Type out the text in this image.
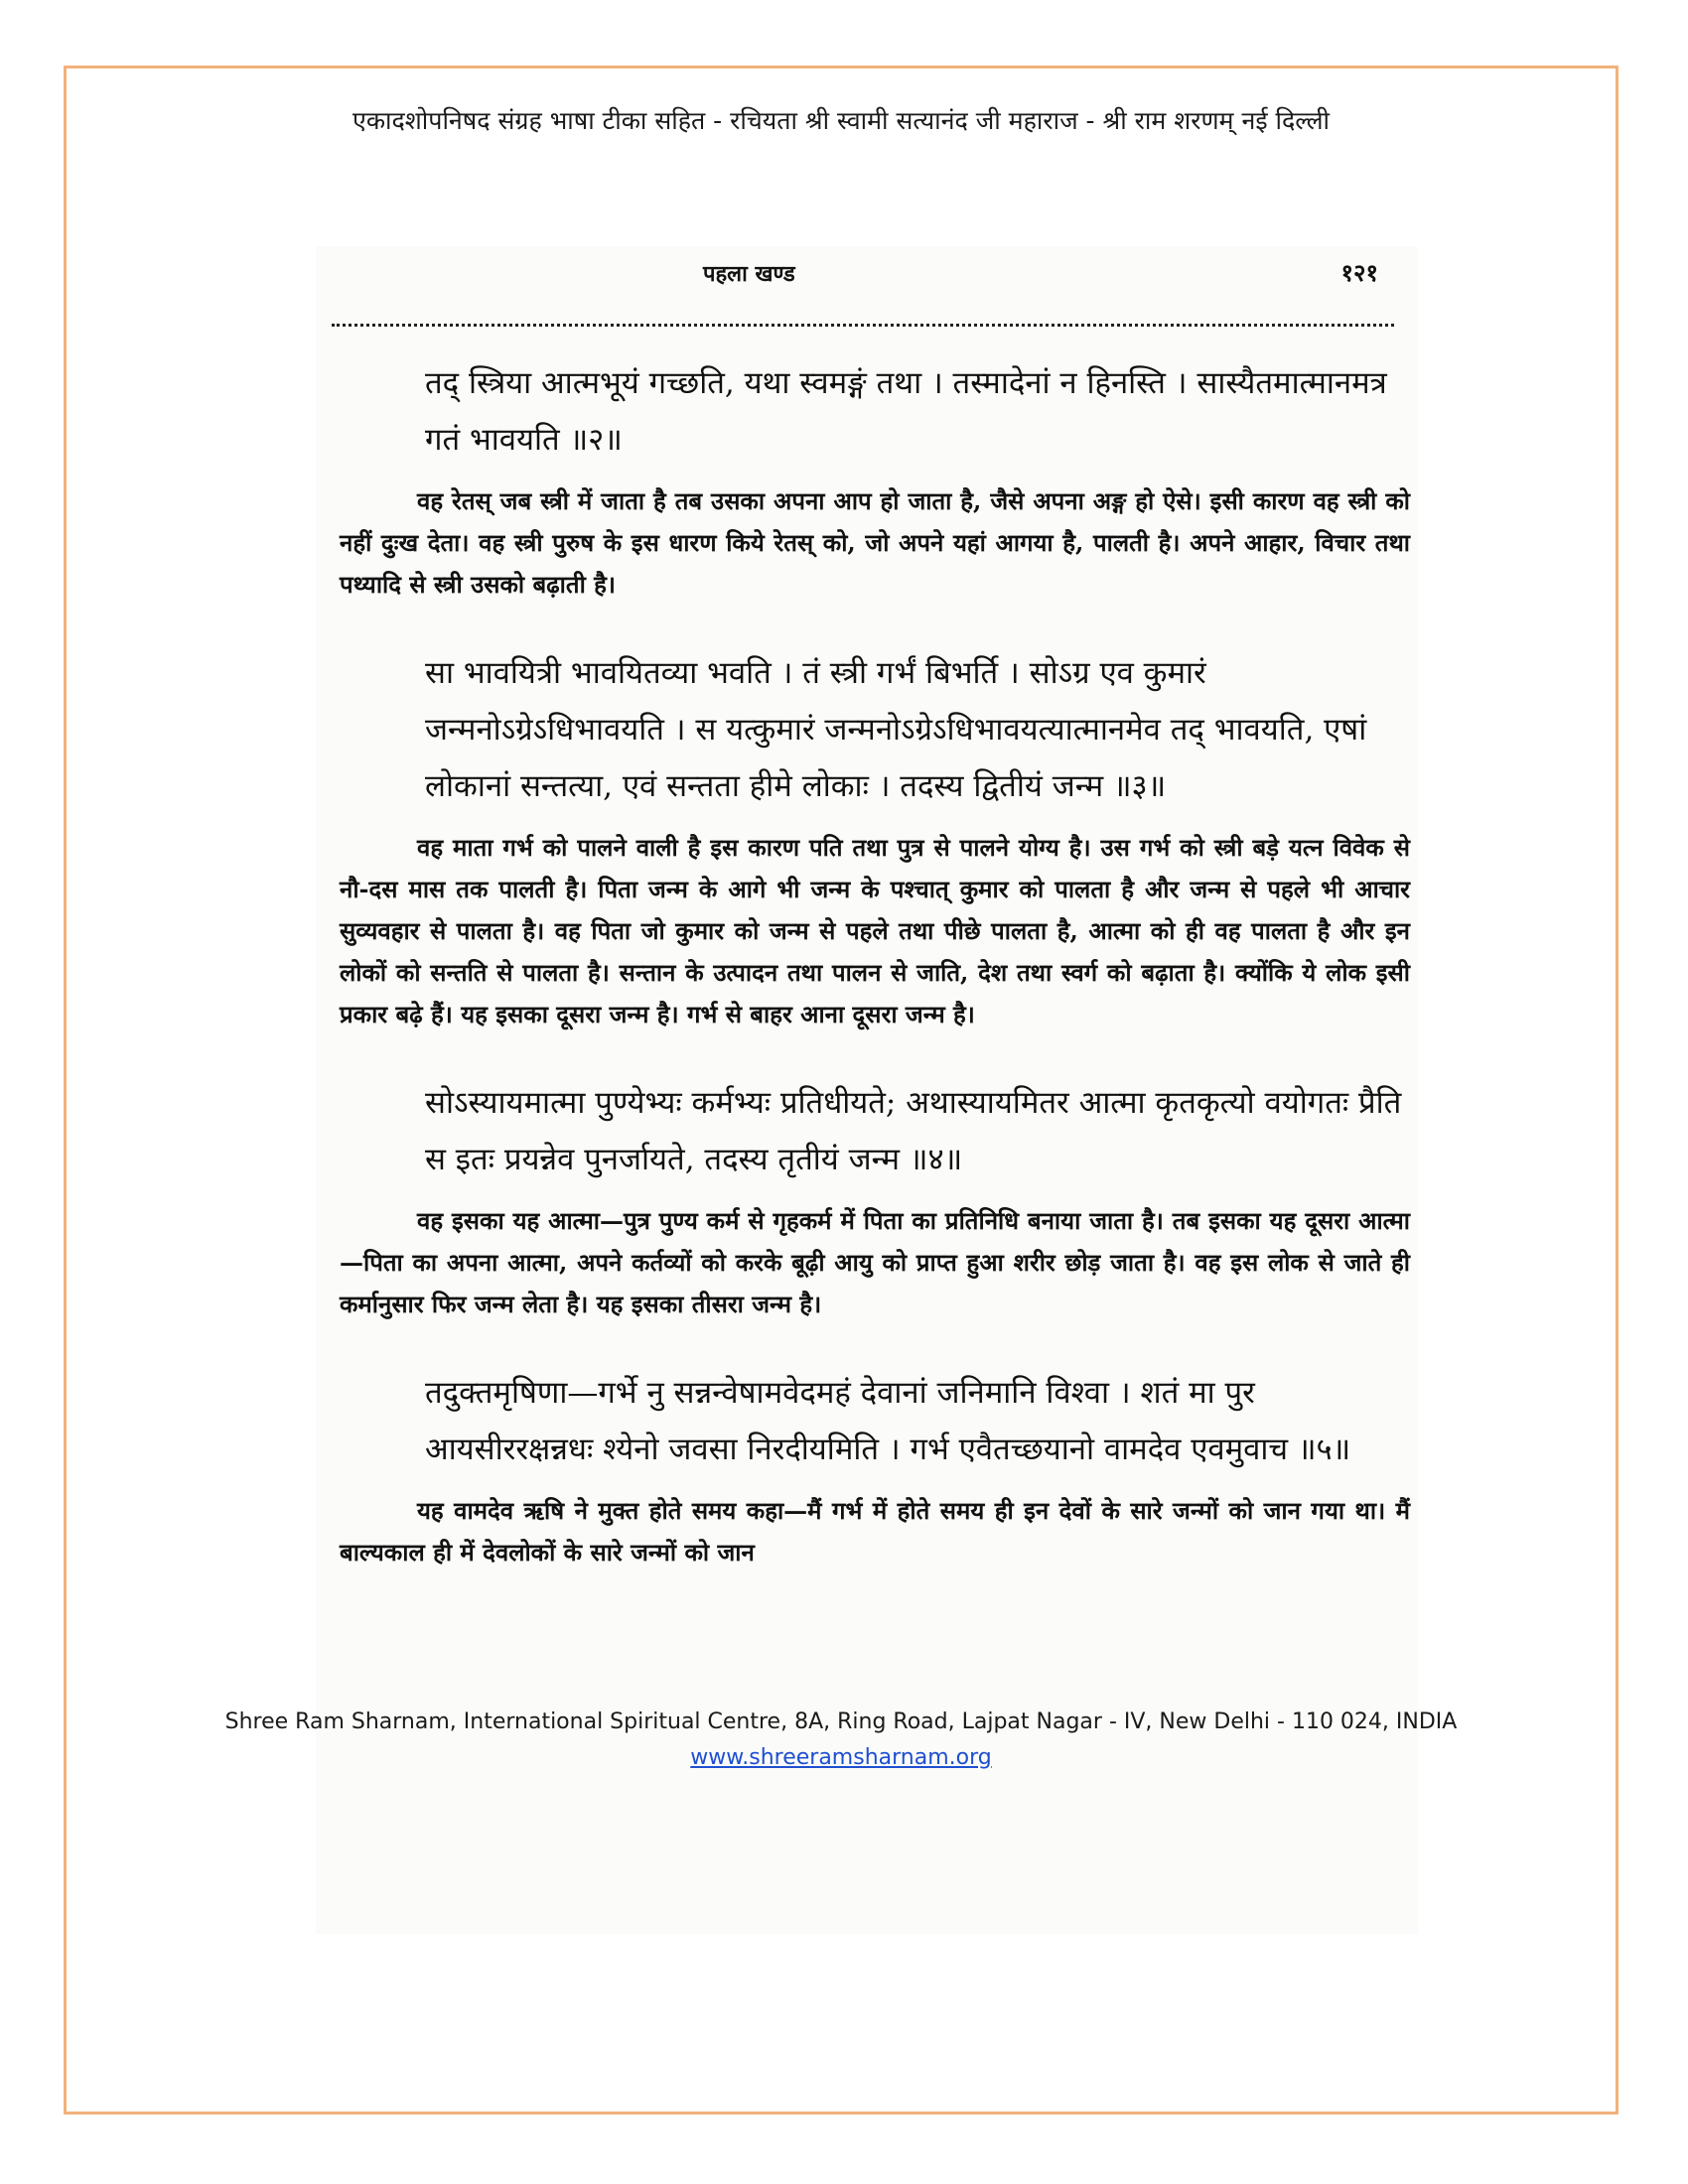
एकादशोपनिषद संग्रह भाषा टीका सहित - रचियता श्री स्वामी सत्यानंद जी महाराज - श्री राम शरणम् नई दिल्ली
पहला खण्ड	१२१

तद् स्त्रिया आत्मभूयं गच्छति, यथा स्वमङ्गं तथा । तस्मादेनां न हिनस्ति । सास्यैतमात्मानमत्र गतं भावयति ॥२॥

वह रेतस् जब स्त्री में जाता है तब उसका अपना आप हो जाता है, जैसे अपना अङ्ग हो ऐसे। इसी कारण वह स्त्री को नहीं दुःख देता। वह स्त्री पुरुष के इस धारण किये रेतस् को, जो अपने यहां आगया है, पालती है। अपने आहार, विचार तथा पथ्यादि से स्त्री उसको बढ़ाती है।

सा भावयित्री भावयितव्या भवति । तं स्त्री गर्भं बिभर्ति । सोऽग्र एव कुमारं जन्मनोऽग्रेऽधिभावयति । स यत्कुमारं जन्मनोऽग्रेऽधिभावयत्यात्मानमेव तद् भावयति, एषां लोकानां सन्तत्या, एवं सन्तता हीमे लोकाः । तदस्य द्वितीयं जन्म ॥३॥

वह माता गर्भ को पालने वाली है इस कारण पति तथा पुत्र से पालने योग्य है। उस गर्भ को स्त्री बड़े यत्न विवेक से नौ-दस मास तक पालती है। पिता जन्म के आगे भी जन्म के पश्चात् कुमार को पालता है और जन्म से पहले भी आचार सुव्यवहार से पालता है। वह पिता जो कुमार को जन्म से पहले तथा पीछे पालता है, आत्मा को ही वह पालता है और इन लोकों को सन्तति से पालता है। सन्तान के उत्पादन तथा पालन से जाति, देश तथा स्वर्ग को बढ़ाता है। क्योंकि ये लोक इसी प्रकार बढ़े हैं। यह इसका दूसरा जन्म है। गर्भ से बाहर आना दूसरा जन्म है।

सोऽस्यायमात्मा पुण्येभ्यः कर्मभ्यः प्रतिधीयते; अथास्यायमितर आत्मा कृतकृत्यो वयोगतः प्रैति स इतः प्रयन्नेव पुनर्जायते, तदस्य तृतीयं जन्म ॥४॥

वह इसका यह आत्मा—पुत्र पुण्य कर्म से गृहकर्म में पिता का प्रतिनिधि बनाया जाता है। तब इसका यह दूसरा आत्मा—पिता का अपना आत्मा, अपने कर्तव्यों को करके बूढ़ी आयु को प्राप्त हुआ शरीर छोड़ जाता है। वह इस लोक से जाते ही कर्मानुसार फिर जन्म लेता है। यह इसका तीसरा जन्म है।

तदुक्तमृषिणा—गर्भे नु सन्नन्वेषामवेदमहं देवानां जनिमानि विश्वा । शतं मा पुर आयसीररक्षन्नधः श्येनो जवसा निरदीयमिति । गर्भ एवैतच्छयानो वामदेव एवमुवाच ॥५॥

यह वामदेव ऋषि ने मुक्त होते समय कहा—मैं गर्भ में होते समय ही इन देवों के सारे जन्मों को जान गया था। मैं बाल्यकाल ही में देवलोकों के सारे जन्मों को जान

Shree Ram Sharnam, International Spiritual Centre, 8A, Ring Road, Lajpat Nagar - IV, New Delhi - 110 024, INDIA
www.shreeramsharnam.org
